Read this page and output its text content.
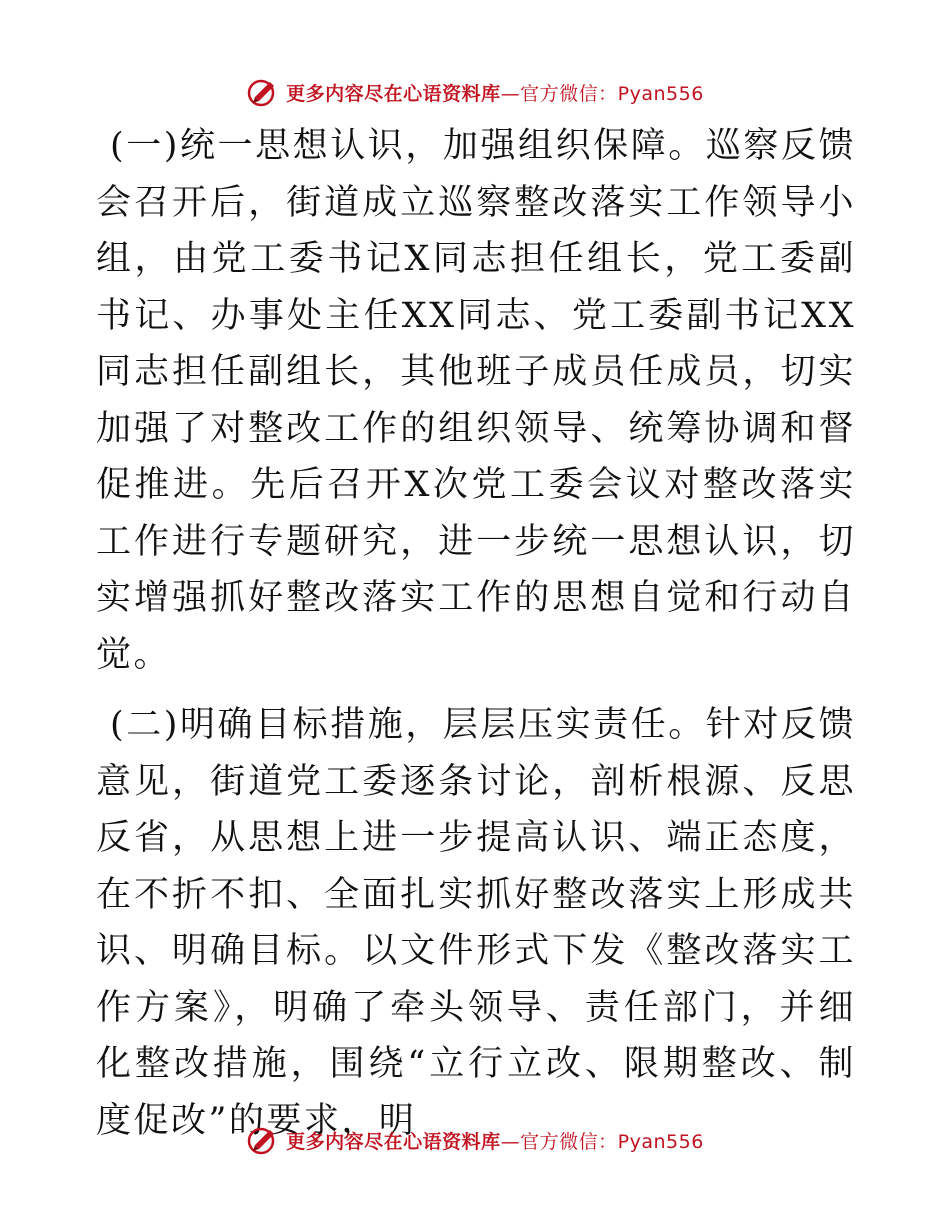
更多内容尽在心语资料库—官方微信：Pyan556

(一)统一思想认识，加强组织保障。巡察反馈会召开后，街道成立巡察整改落实工作领导小组，由党工委书记X同志担任组长，党工委副书记、办事处主任XX同志、党工委副书记XX同志担任副组长，其他班子成员任成员，切实加强了对整改工作的组织领导、统筹协调和督促推进。先后召开X次党工委会议对整改落实工作进行专题研究，进一步统一思想认识，切实增强抓好整改落实工作的思想自觉和行动自觉。

(二)明确目标措施，层层压实责任。针对反馈意见，街道党工委逐条讨论，剖析根源、反思反省，从思想上进一步提高认识、端正态度，在不折不扣、全面扎实抓好整改落实上形成共识、明确目标。以文件形式下发《整改落实工作方案》，明确了牵头领导、责任部门，并细化整改措施，围绕“立行立改、限期整改、制度促改”的要求，明

更多内容尽在心语资料库—官方微信：Pyan556
